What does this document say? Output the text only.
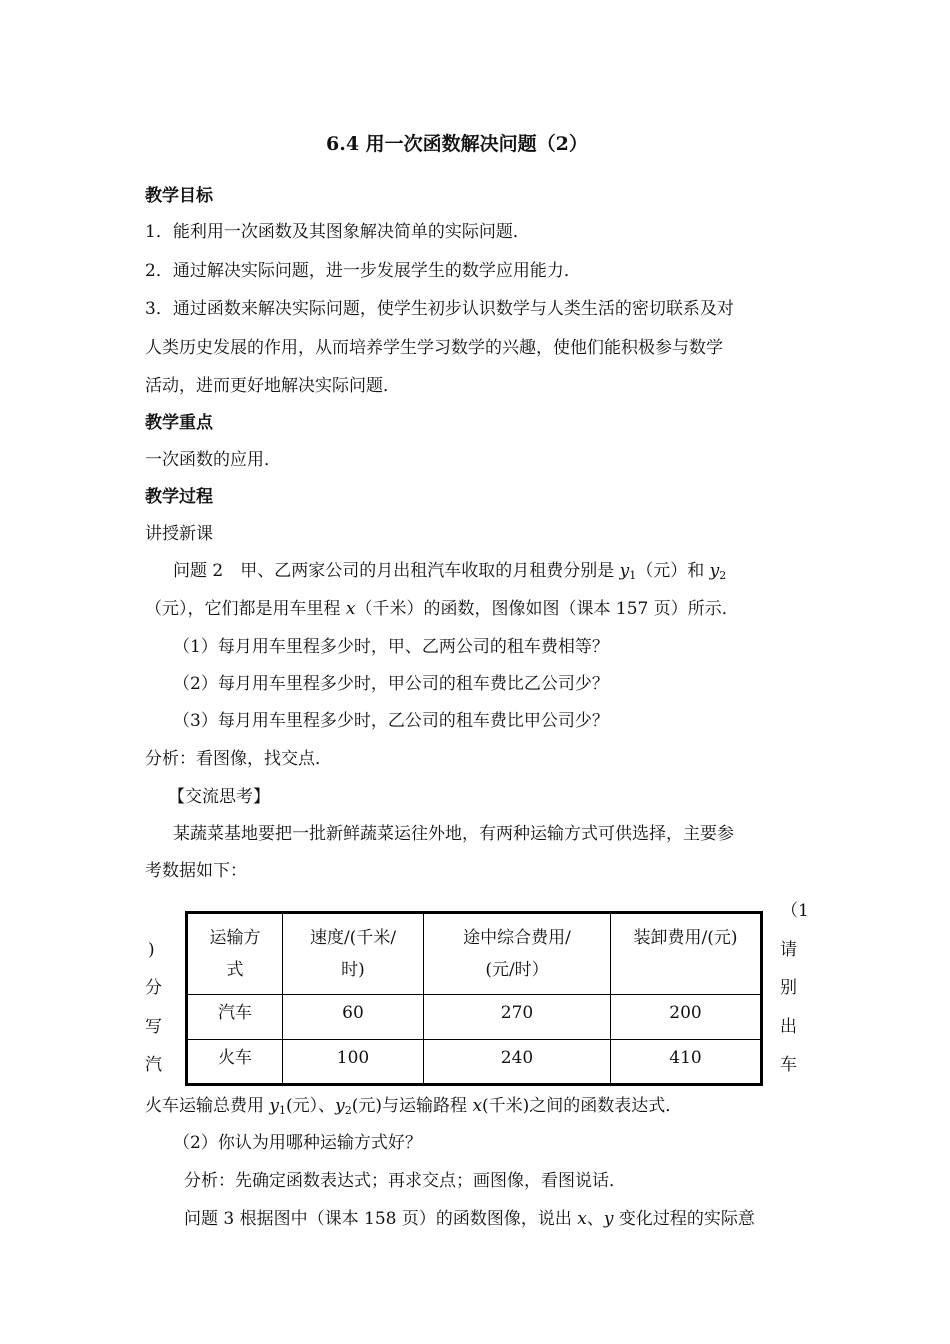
6.4 用一次函数解决问题（2）
教学目标
1．能利用一次函数及其图象解决简单的实际问题．
2．通过解决实际问题，进一步发展学生的数学应用能力．
3．通过函数来解决实际问题，使学生初步认识数学与人类生活的密切联系及对
人类历史发展的作用，从而培养学生学习数学的兴趣，使他们能积极参与数学
活动，进而更好地解决实际问题．
教学重点
一次函数的应用．
教学过程
讲授新课
问题 2　甲、乙两家公司的月出租汽车收取的月租费分别是 $y_1$（元）和 $y_2$
（元），它们都是用车里程 x（千米）的函数，图像如图（课本 157 页）所示．
（1）每月用车里程多少时，甲、乙两公司的租车费相等？
（2）每月用车里程多少时，甲公司的租车费比乙公司少？
（3）每月用车里程多少时，乙公司的租车费比甲公司少？
分析：看图像，找交点．
【交流思考】
某蔬菜基地要把一批新鲜蔬菜运往外地，有两种运输方式可供选择，主要参
考数据如下：
)
分
写
汽
（1
请
别
出
车
运输方式	速度/(千米/时)	途中综合费用/(元/时）	装卸费用/(元)
汽车	60	270	200
火车	100	240	410
火车运输总费用 $y_1$(元）、$y_2$(元)与运输路程 x(千米)之间的函数表达式．
（2）你认为用哪种运输方式好？
分析：先确定函数表达式；再求交点；画图像，看图说话．
问题 3 根据图中（课本 158 页）的函数图像，说出 x、y 变化过程的实际意
